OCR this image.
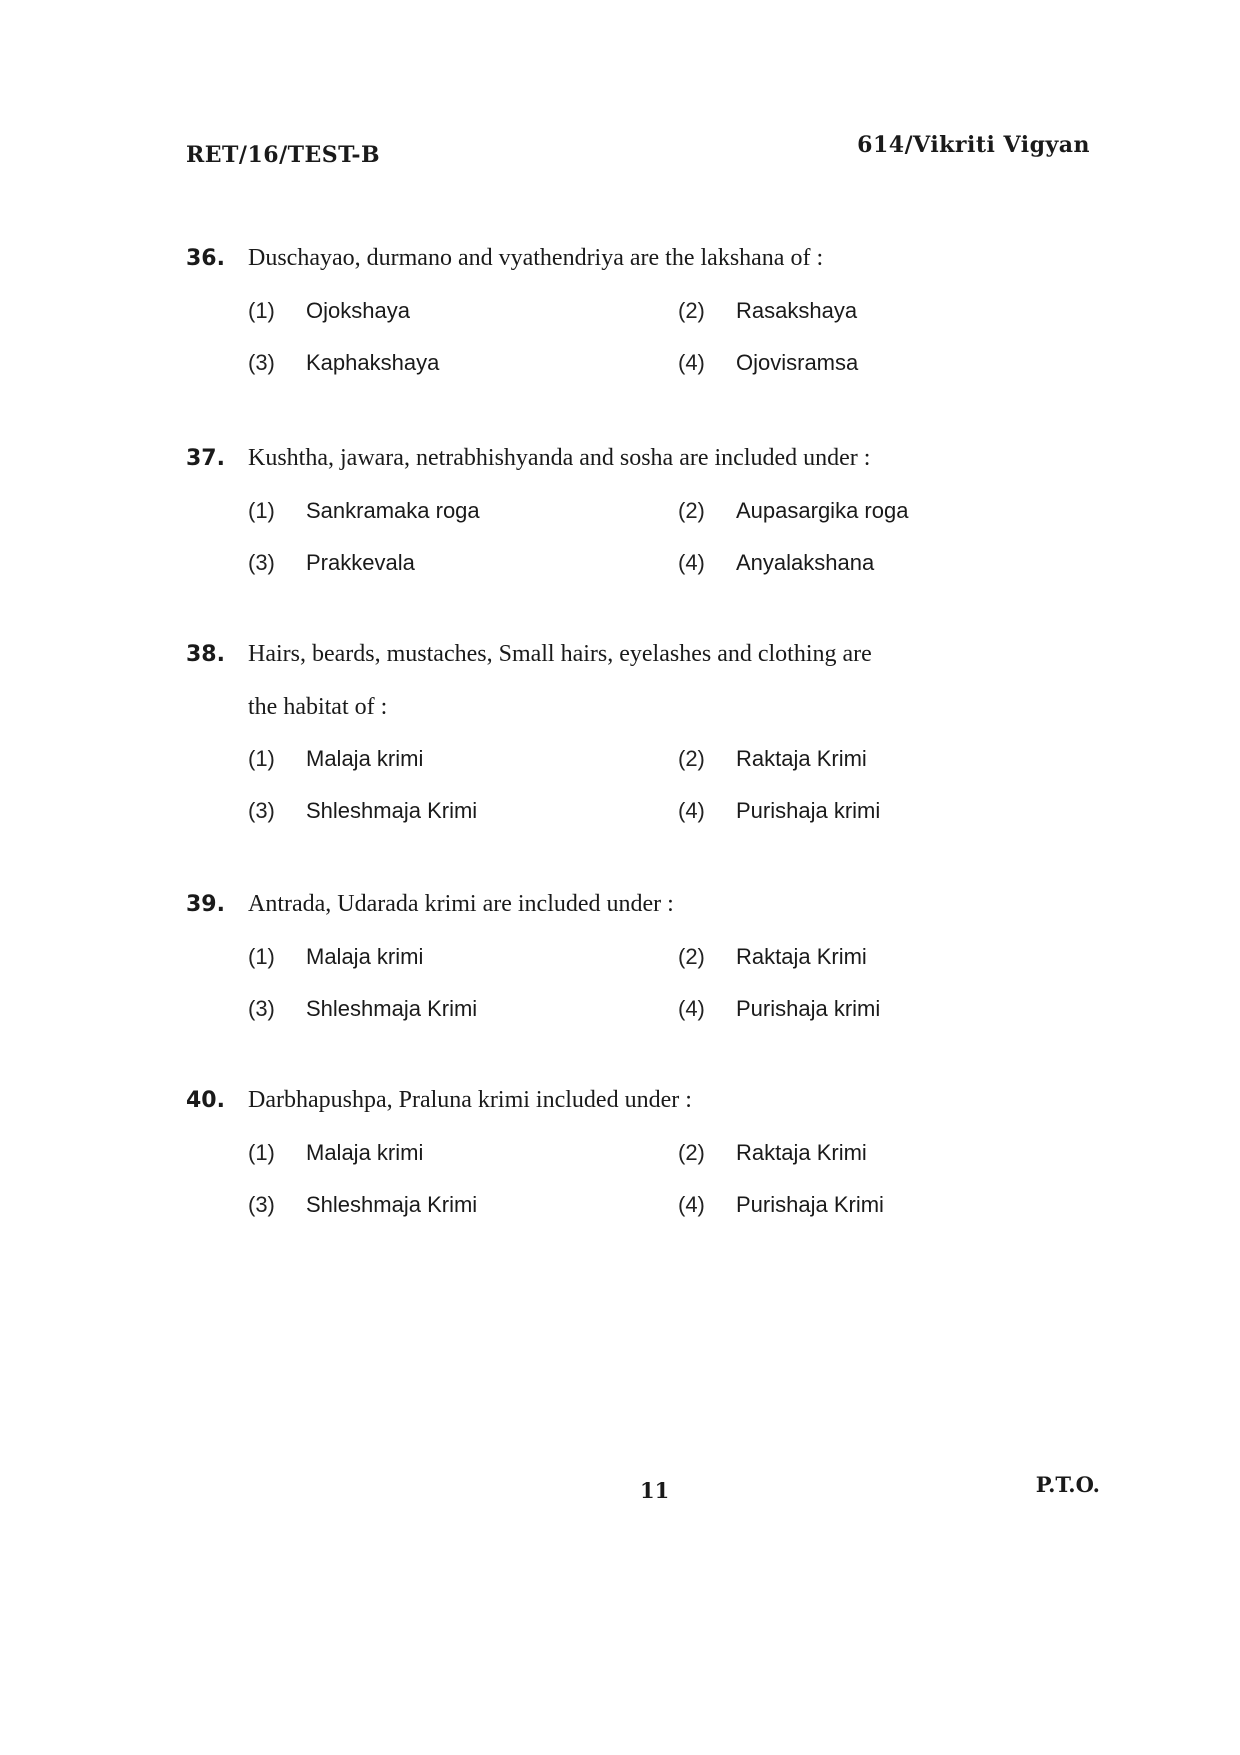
RET/16/TEST-B	614/Vikriti Vigyan
36. Duschayao, durmano and vyathendriya are the lakshana of :
(1)	Ojokshaya	(2)	Rasakshaya
(3)	Kaphakshaya	(4)	Ojovisramsa
37. Kushtha, jawara, netrabhishyanda and sosha are included under :
(1)	Sankramaka roga	(2)	Aupasargika roga
(3)	Prakkevala	(4)	Anyalakshana
38. Hairs, beards, mustaches, Small hairs, eyelashes and clothing are
the habitat of :
(1)	Malaja krimi	(2)	Raktaja Krimi
(3)	Shleshmaja Krimi	(4)	Purishaja krimi
39. Antrada, Udarada krimi are included under :
(1)	Malaja krimi	(2)	Raktaja Krimi
(3)	Shleshmaja Krimi	(4)	Purishaja krimi
40. Darbhapushpa, Praluna krimi included under :
(1)	Malaja krimi	(2)	Raktaja Krimi
(3)	Shleshmaja Krimi	(4)	Purishaja Krimi
11	P.T.O.
